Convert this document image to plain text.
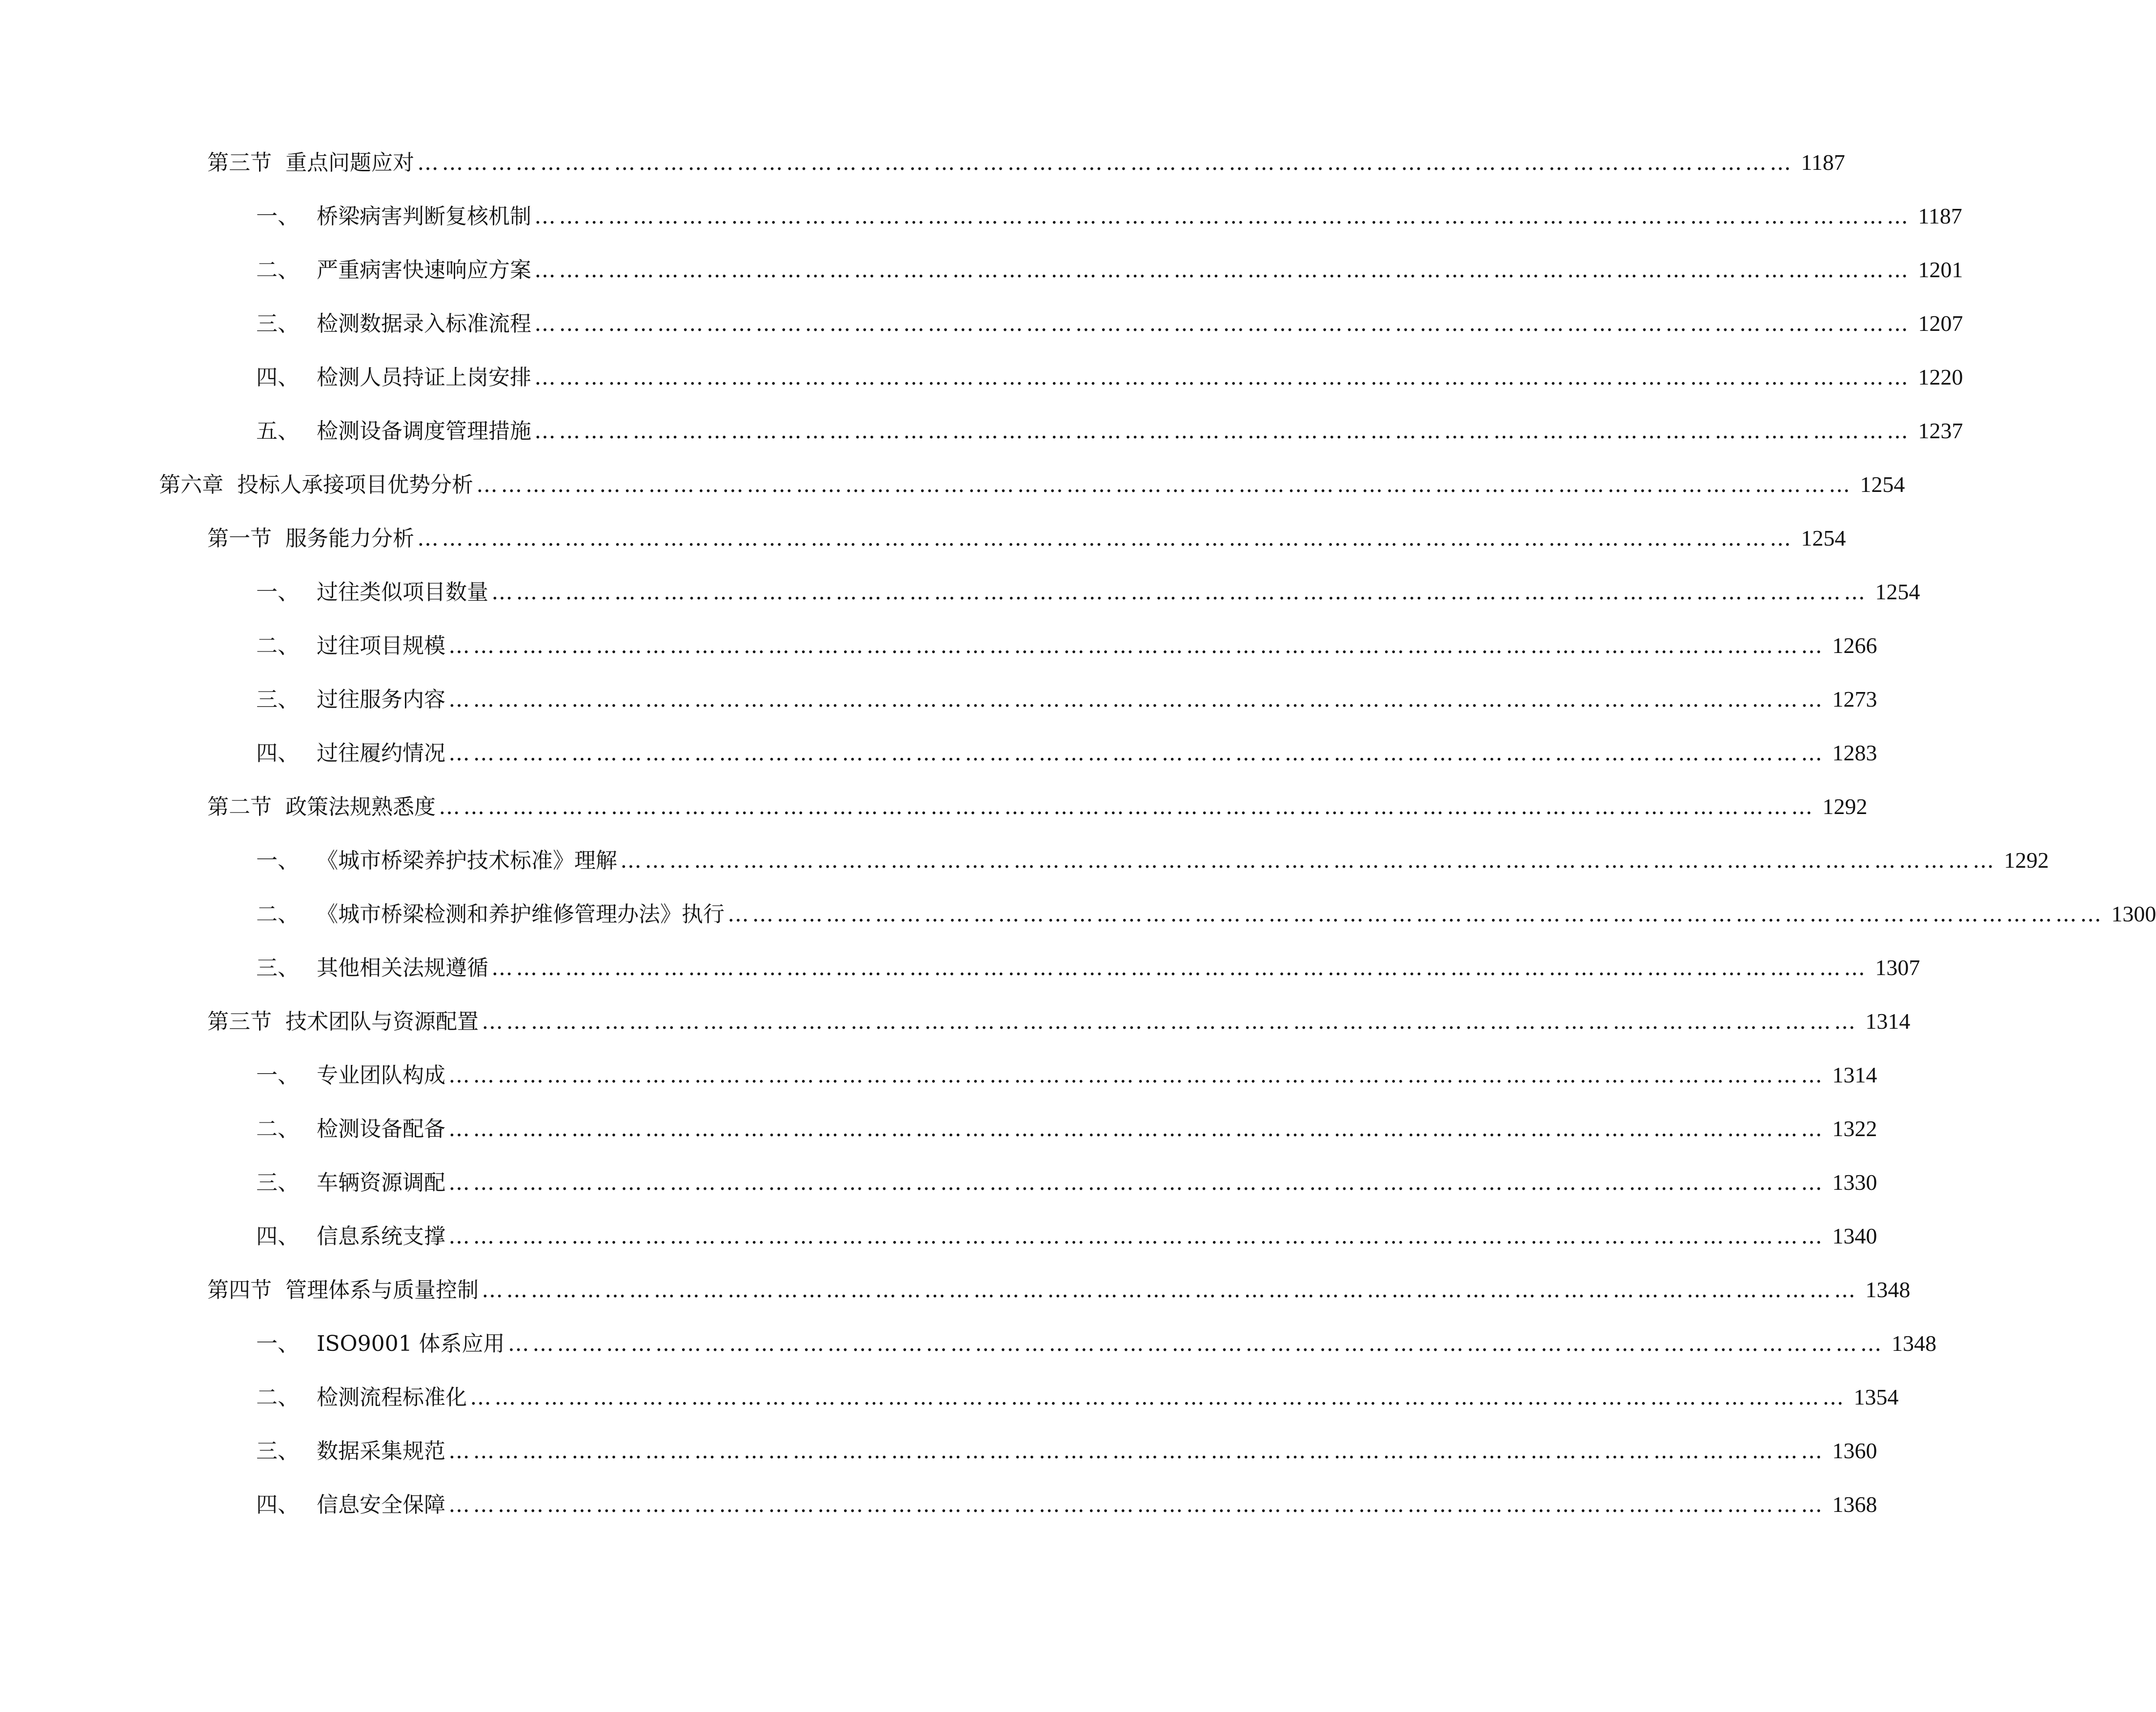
第三节 重点问题应对 …………………………………………………………………………………………………………………………………………………… 1187
一、 桥梁病害判断复核机制 …………………………………………………………………………………………………………………………………………………… 1187
二、 严重病害快速响应方案 …………………………………………………………………………………………………………………………………………………… 1201
三、 检测数据录入标准流程 …………………………………………………………………………………………………………………………………………………… 1207
四、 检测人员持证上岗安排 …………………………………………………………………………………………………………………………………………………… 1220
五、 检测设备调度管理措施 …………………………………………………………………………………………………………………………………………………… 1237
第六章 投标人承接项目优势分析 …………………………………………………………………………………………………………………………………………………… 1254
第一节 服务能力分析 …………………………………………………………………………………………………………………………………………………… 1254
一、 过往类似项目数量 …………………………………………………………………………………………………………………………………………………… 1254
二、 过往项目规模 …………………………………………………………………………………………………………………………………………………… 1266
三、 过往服务内容 …………………………………………………………………………………………………………………………………………………… 1273
四、 过往履约情况 …………………………………………………………………………………………………………………………………………………… 1283
第二节 政策法规熟悉度 …………………………………………………………………………………………………………………………………………………… 1292
一、 《城市桥梁养护技术标准》理解 …………………………………………………………………………………………………………………………………………………… 1292
二、 《城市桥梁检测和养护维修管理办法》执行 …………………………………………………………………………………………………………………………………………………… 1300
三、 其他相关法规遵循 …………………………………………………………………………………………………………………………………………………… 1307
第三节 技术团队与资源配置 …………………………………………………………………………………………………………………………………………………… 1314
一、 专业团队构成 …………………………………………………………………………………………………………………………………………………… 1314
二、 检测设备配备 …………………………………………………………………………………………………………………………………………………… 1322
三、 车辆资源调配 …………………………………………………………………………………………………………………………………………………… 1330
四、 信息系统支撑 …………………………………………………………………………………………………………………………………………………… 1340
第四节 管理体系与质量控制 …………………………………………………………………………………………………………………………………………………… 1348
一、 ISO9001 体系应用 …………………………………………………………………………………………………………………………………………………… 1348
二、 检测流程标准化 …………………………………………………………………………………………………………………………………………………… 1354
三、 数据采集规范 …………………………………………………………………………………………………………………………………………………… 1360
四、 信息安全保障 …………………………………………………………………………………………………………………………………………………… 1368
